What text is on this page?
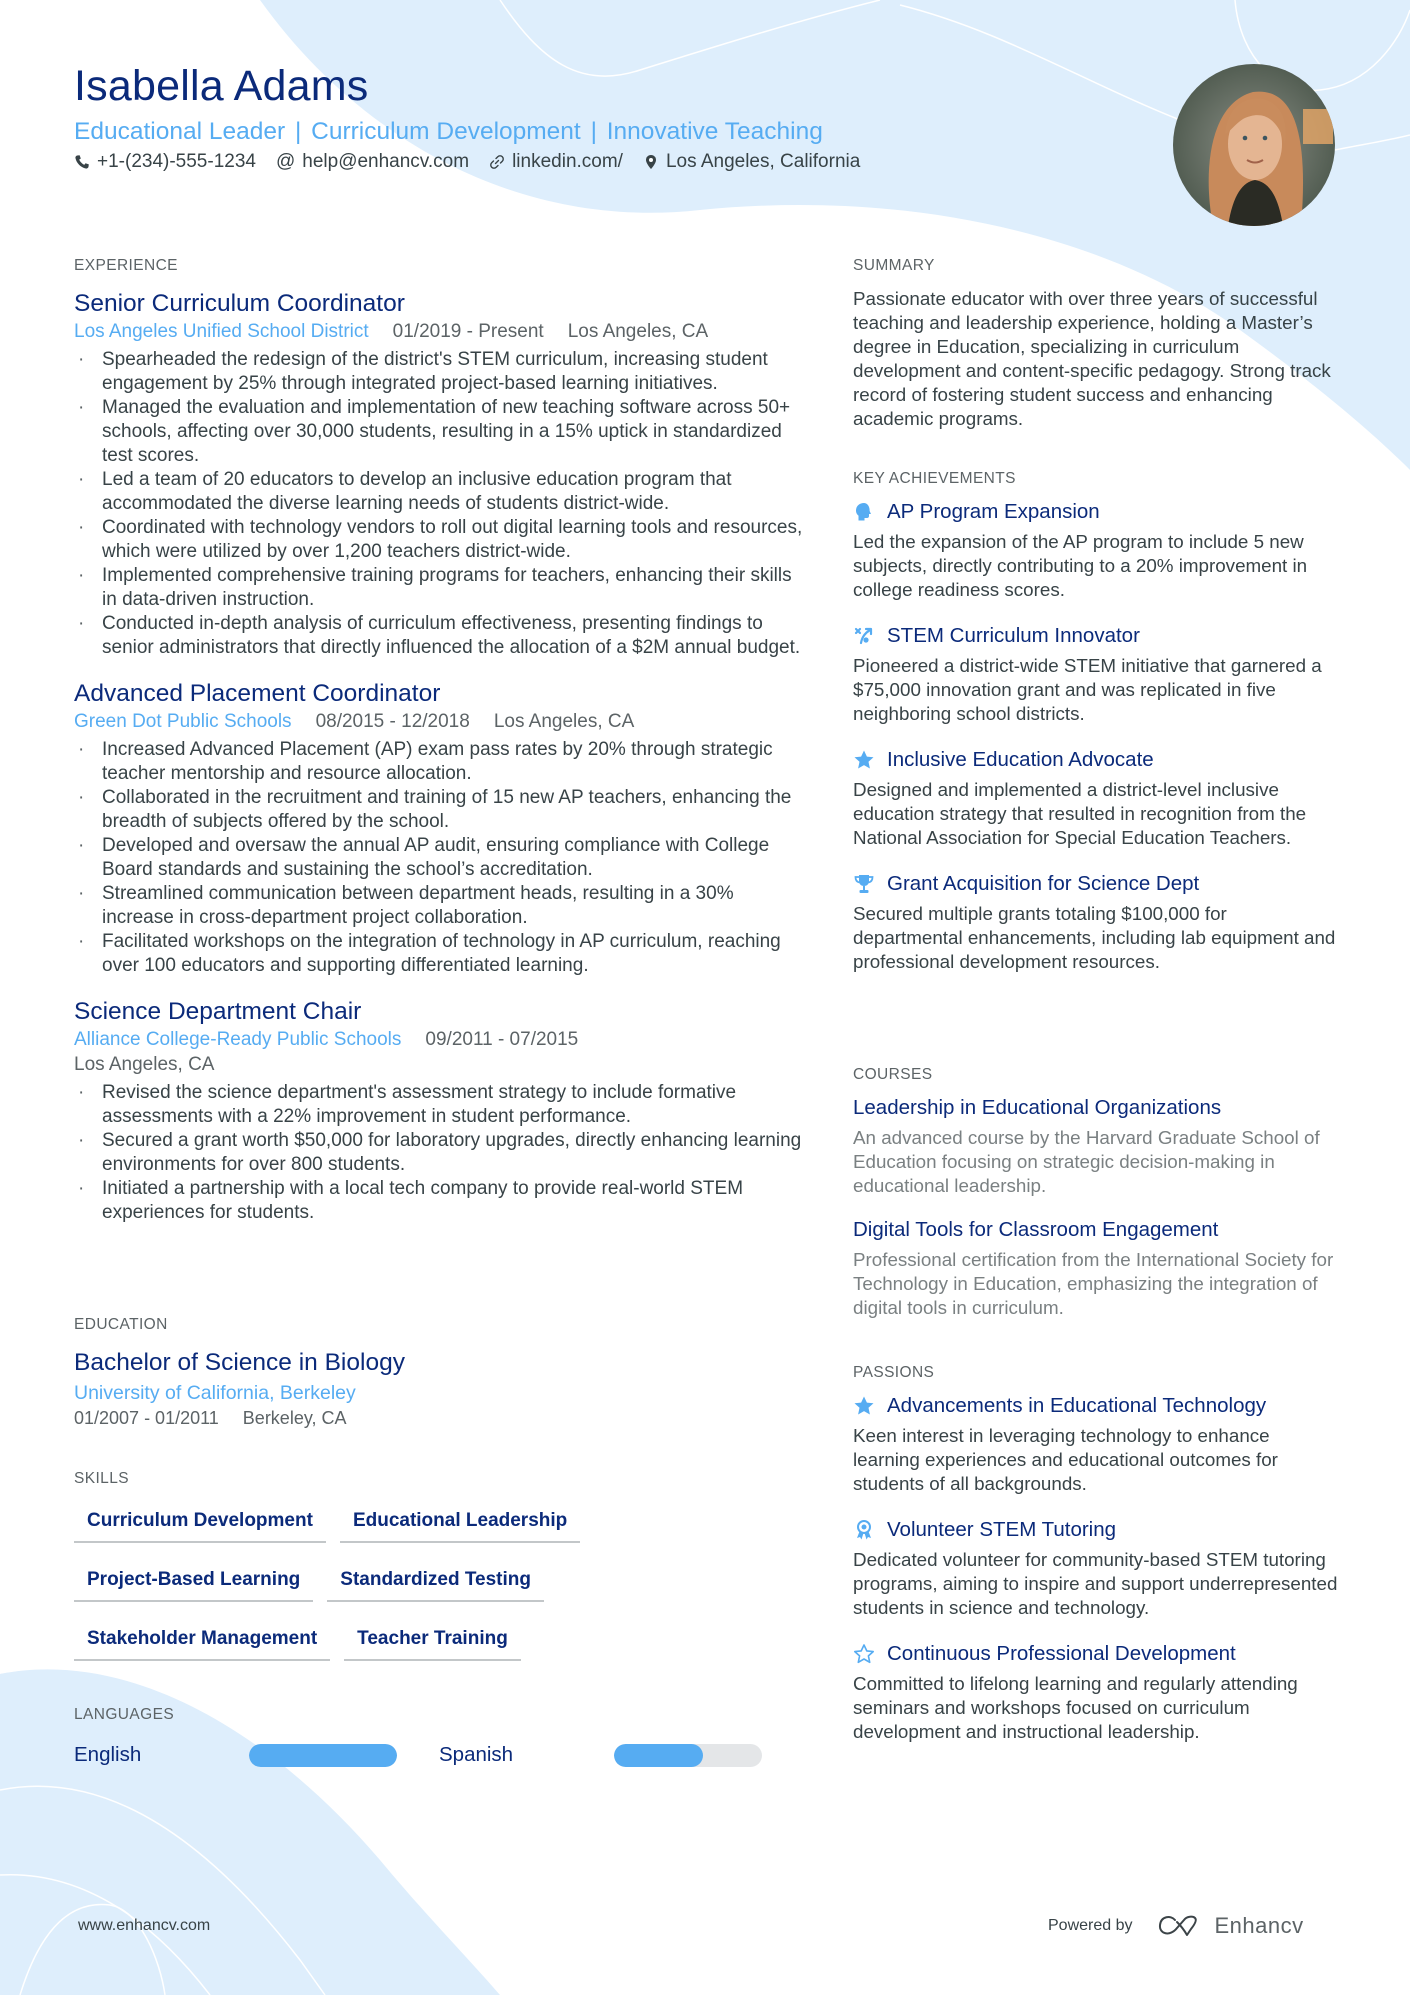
Isabella Adams
Educational Leader | Curriculum Development | Innovative Teaching
+1-(234)-555-1234 @ help@enhancv.com linkedin.com/ Los Angeles, California
EXPERIENCE
Senior Curriculum Coordinator
Los Angeles Unified School District 01/2019 - Present Los Angeles, CA
· Spearheaded the redesign of the district's STEM curriculum, increasing student engagement by 25% through integrated project-based learning initiatives.
· Managed the evaluation and implementation of new teaching software across 50+ schools, affecting over 30,000 students, resulting in a 15% uptick in standardized test scores.
· Led a team of 20 educators to develop an inclusive education program that accommodated the diverse learning needs of students district-wide.
· Coordinated with technology vendors to roll out digital learning tools and resources, which were utilized by over 1,200 teachers district-wide.
· Implemented comprehensive training programs for teachers, enhancing their skills in data-driven instruction.
· Conducted in-depth analysis of curriculum effectiveness, presenting findings to senior administrators that directly influenced the allocation of a $2M annual budget.
Advanced Placement Coordinator
Green Dot Public Schools 08/2015 - 12/2018 Los Angeles, CA
· Increased Advanced Placement (AP) exam pass rates by 20% through strategic teacher mentorship and resource allocation.
· Collaborated in the recruitment and training of 15 new AP teachers, enhancing the breadth of subjects offered by the school.
· Developed and oversaw the annual AP audit, ensuring compliance with College Board standards and sustaining the school’s accreditation.
· Streamlined communication between department heads, resulting in a 30% increase in cross-department project collaboration.
· Facilitated workshops on the integration of technology in AP curriculum, reaching over 100 educators and supporting differentiated learning.
Science Department Chair
Alliance College-Ready Public Schools 09/2011 - 07/2015
Los Angeles, CA
· Revised the science department's assessment strategy to include formative assessments with a 22% improvement in student performance.
· Secured a grant worth $50,000 for laboratory upgrades, directly enhancing learning environments for over 800 students.
· Initiated a partnership with a local tech company to provide real-world STEM experiences for students.
EDUCATION
Bachelor of Science in Biology
University of California, Berkeley
01/2007 - 01/2011 Berkeley, CA
SKILLS
Curriculum Development	Educational Leadership
Project-Based Learning	Standardized Testing
Stakeholder Management	Teacher Training
LANGUAGES
English	Spanish
SUMMARY
Passionate educator with over three years of successful teaching and leadership experience, holding a Master’s degree in Education, specializing in curriculum development and content-specific pedagogy. Strong track record of fostering student success and enhancing academic programs.
KEY ACHIEVEMENTS
AP Program Expansion
Led the expansion of the AP program to include 5 new subjects, directly contributing to a 20% improvement in college readiness scores.
STEM Curriculum Innovator
Pioneered a district-wide STEM initiative that garnered a $75,000 innovation grant and was replicated in five neighboring school districts.
Inclusive Education Advocate
Designed and implemented a district-level inclusive education strategy that resulted in recognition from the National Association for Special Education Teachers.
Grant Acquisition for Science Dept
Secured multiple grants totaling $100,000 for departmental enhancements, including lab equipment and professional development resources.
COURSES
Leadership in Educational Organizations
An advanced course by the Harvard Graduate School of Education focusing on strategic decision-making in educational leadership.
Digital Tools for Classroom Engagement
Professional certification from the International Society for Technology in Education, emphasizing the integration of digital tools in curriculum.
PASSIONS
Advancements in Educational Technology
Keen interest in leveraging technology to enhance learning experiences and educational outcomes for students of all backgrounds.
Volunteer STEM Tutoring
Dedicated volunteer for community-based STEM tutoring programs, aiming to inspire and support underrepresented students in science and technology.
Continuous Professional Development
Committed to lifelong learning and regularly attending seminars and workshops focused on curriculum development and instructional leadership.
www.enhancv.com	Powered by	Enhancv
